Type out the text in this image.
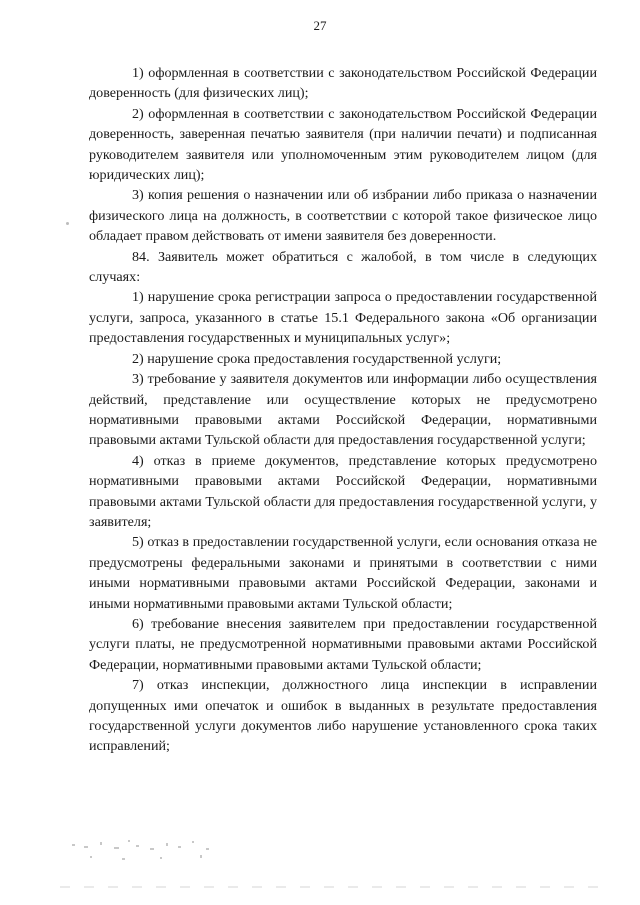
27

1) оформленная в соответствии с законодательством Российской Федерации доверенность (для физических лиц);

2) оформленная в соответствии с законодательством Российской Федерации доверенность, заверенная печатью заявителя (при наличии печати) и подписанная руководителем заявителя или уполномоченным этим руководителем лицом (для юридических лиц);

3) копия решения о назначении или об избрании либо приказа о назначении физического лица на должность, в соответствии с которой такое физическое лицо обладает правом действовать от имени заявителя без доверенности.

84. Заявитель может обратиться с жалобой, в том числе в следующих случаях:

1) нарушение срока регистрации запроса о предоставлении государственной услуги, запроса, указанного в статье 15.1 Федерального закона «Об организации предоставления государственных и муниципальных услуг»;

2) нарушение срока предоставления государственной услуги;

3) требование у заявителя документов или информации либо осуществления действий, представление или осуществление которых не предусмотрено нормативными правовыми актами Российской Федерации, нормативными правовыми актами Тульской области для предоставления государственной услуги;

4) отказ в приеме документов, представление которых предусмотрено нормативными правовыми актами Российской Федерации, нормативными правовыми актами Тульской области для предоставления государственной услуги, у заявителя;

5) отказ в предоставлении государственной услуги, если основания отказа не предусмотрены федеральными законами и принятыми в соответствии с ними иными нормативными правовыми актами Российской Федерации, законами и иными нормативными правовыми актами Тульской области;

6) требование внесения заявителем при предоставлении государственной услуги платы, не предусмотренной нормативными правовыми актами Российской Федерации, нормативными правовыми актами Тульской области;

7) отказ инспекции, должностного лица инспекции в исправлении допущенных ими опечаток и ошибок в выданных в результате предоставления государственной услуги документов либо нарушение установленного срока таких исправлений;
